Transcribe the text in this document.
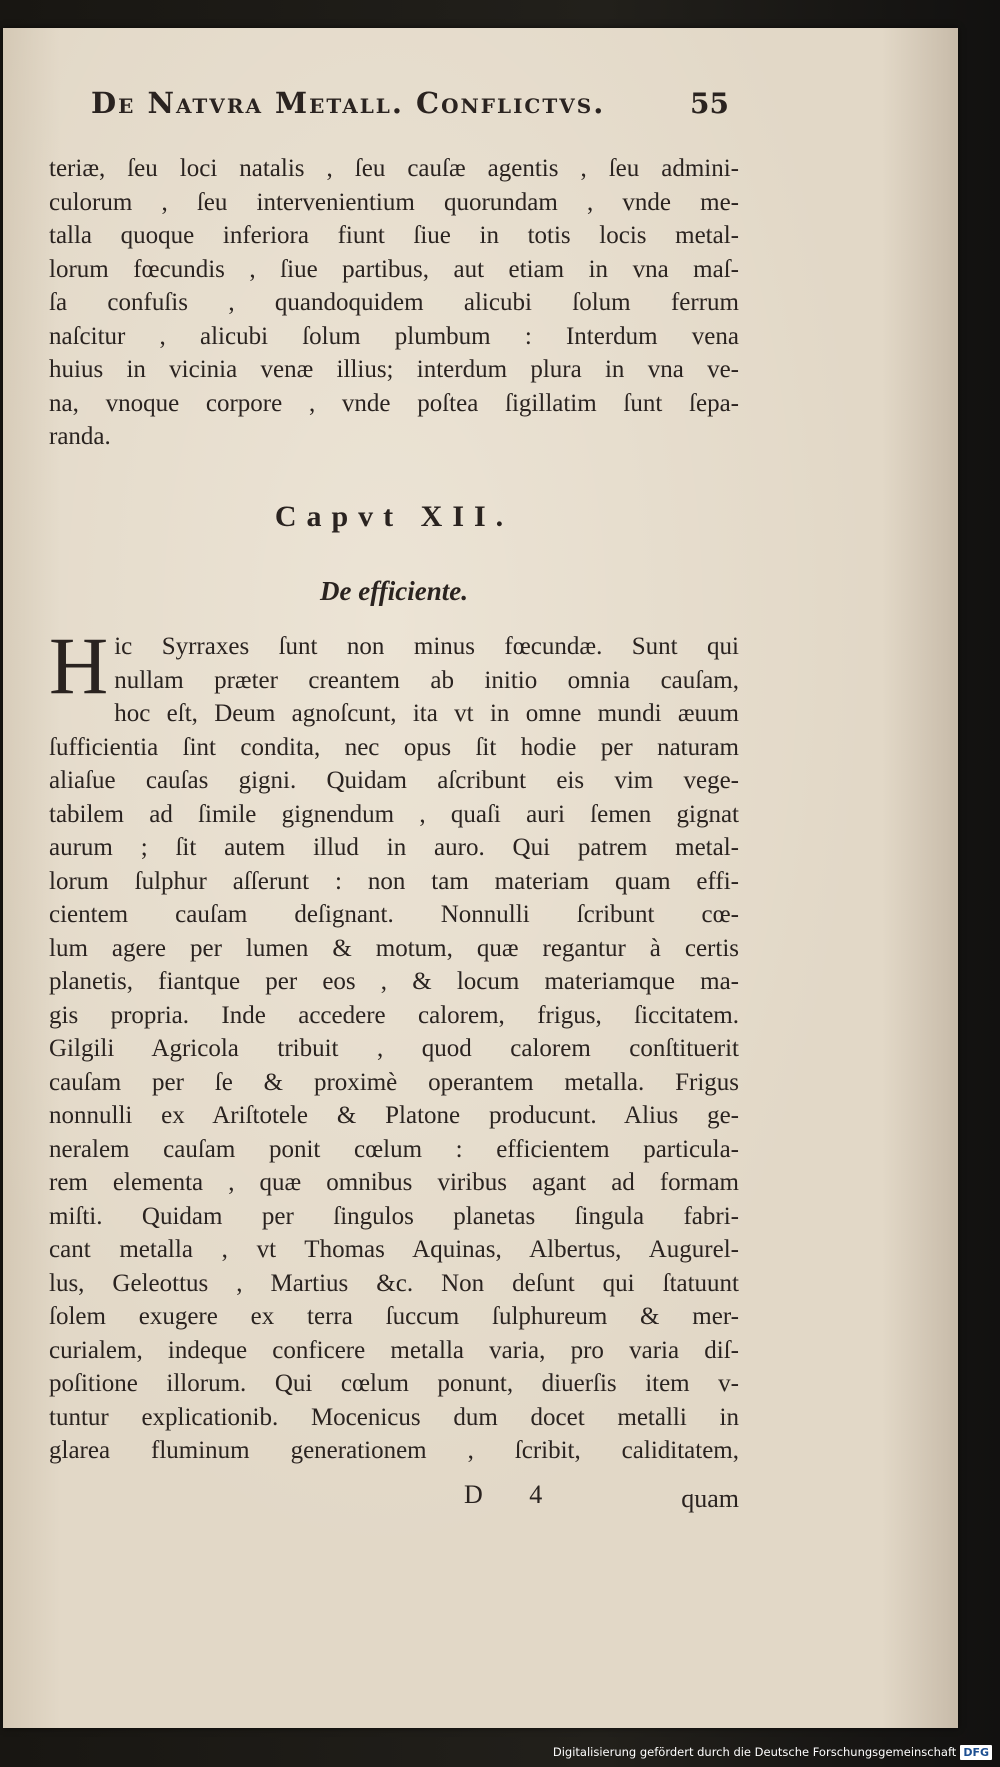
De Natvra Metall. Conflictvs.	55
teriæ, ſeu loci natalis , ſeu cauſæ agentis , ſeu admini-
culorum , ſeu intervenientium quorundam , vnde me-
talla quoque inferiora fiunt ſiue in totis locis metal-
lorum fœcundis , ſiue partibus, aut etiam in vna maſ-
ſa confuſis , quandoquidem alicubi ſolum ferrum
naſcitur , alicubi ſolum plumbum : Interdum vena
huius in vicinia venæ illius; interdum plura in vna ve-
na, vnoque corpore , vnde poſtea ſigillatim ſunt ſepa-
randa.
Capvt XII.
De efficiente.
H ic Syrraxes ſunt non minus fœcundæ. Sunt qui
nullam præter creantem ab initio omnia cauſam,
hoc eſt, Deum agnoſcunt, ita vt in omne mundi æuum
ſufficientia ſint condita, nec opus ſit hodie per naturam
aliaſue cauſas gigni. Quidam aſcribunt eis vim vege-
tabilem ad ſimile gignendum , quaſi auri ſemen gignat
aurum ; ſit autem illud in auro. Qui patrem metal-
lorum ſulphur aſſerunt : non tam materiam quam effi-
cientem cauſam deſignant. Nonnulli ſcribunt cœ-
lum agere per lumen & motum, quæ regantur à certis
planetis, fiantque per eos , & locum materiamque ma-
gis propria. Inde accedere calorem, frigus, ſiccitatem.
Gilgili Agricola tribuit , quod calorem conſtituerit
cauſam per ſe & proximè operantem metalla. Frigus
nonnulli ex Ariſtotele & Platone producunt. Alius ge-
neralem cauſam ponit cœlum : efficientem particula-
rem elementa , quæ omnibus viribus agant ad formam
miſti. Quidam per ſingulos planetas ſingula fabri-
cant metalla , vt Thomas Aquinas, Albertus, Augurel-
lus, Geleottus , Martius &c. Non deſunt qui ſtatuunt
ſolem exugere ex terra ſuccum ſulphureum & mer-
curialem, indeque conficere metalla varia, pro varia diſ-
poſitione illorum. Qui cœlum ponunt, diuerſis item v-
tuntur explicationib. Mocenicus dum docet metalli in
glarea fluminum generationem , ſcribit, caliditatem,
D 4	quam
Digitalisierung gefördert durch die Deutsche Forschungsgemeinschaft DFG
